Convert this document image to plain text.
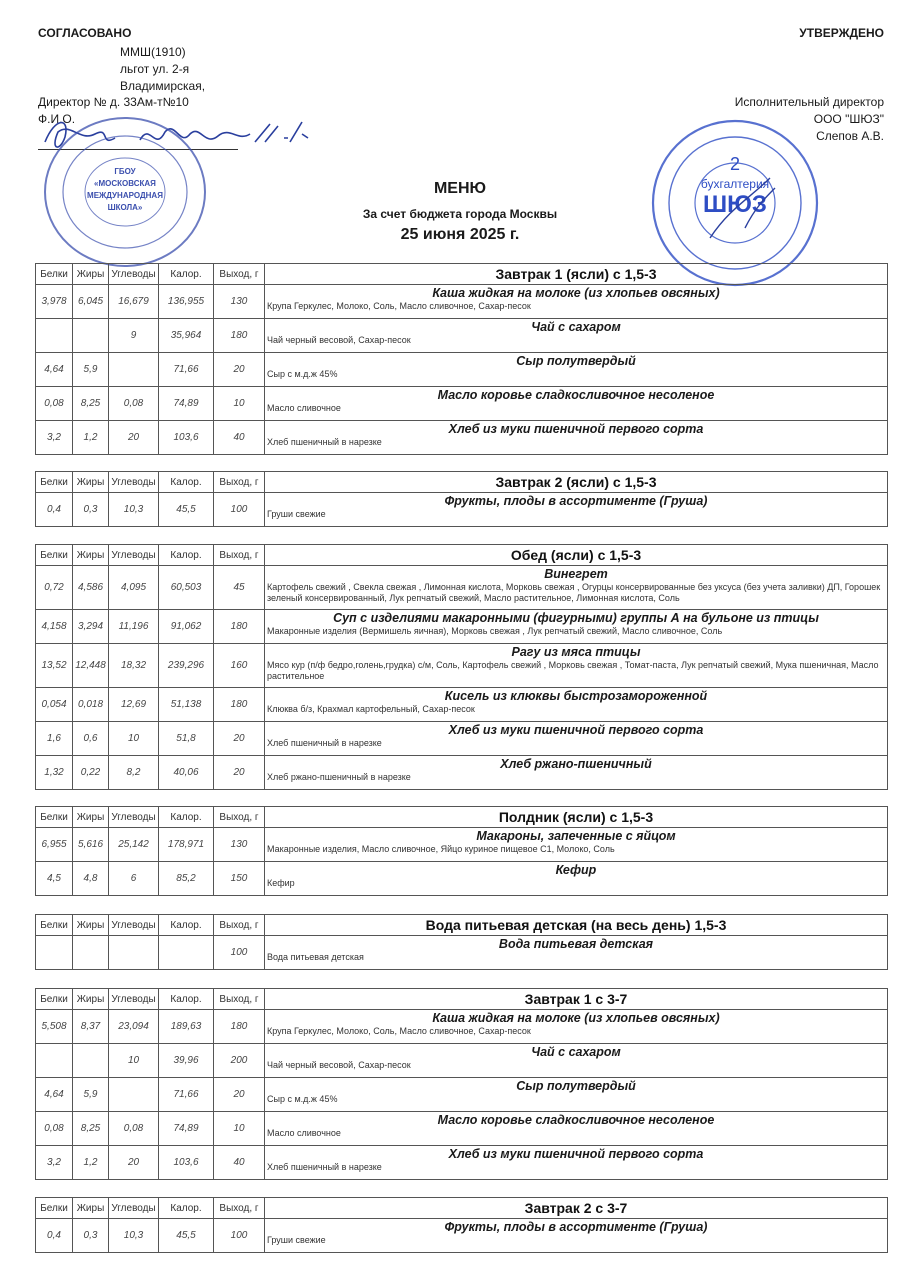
СОГЛАСОВАНО
ММШ(1910)
льгот ул. 2-я
Владимирская,
Директор № д. 33Ам-т№10
Ф.И.О.
ГБОУ
«МОСКОВСКАЯ
МЕЖДУНАРОДНАЯ
ШКОЛА»
УТВЕРЖДЕНО
Исполнительный директор
ООО "ШЮЗ"
Слепов А.В.
2
бухгалтерия
ШЮЗ
МЕНЮ
За счет бюджета города Москвы
25 июня 2025 г.
Белки	Жиры	Углеводы	Калор.	Выход, г	Завтрак 1 (ясли) с 1,5-3
3,978	6,045	16,679	136,955	130	Каша жидкая на молоке (из хлопьев овсяных)
Крупа Геркулес, Молоко, Соль, Масло сливочное, Сахар-песок

		9	35,964	180	Чай с сахаром
Чай черный весовой, Сахар-песок

4,64	5,9		71,66	20	Сыр полутвердый
Сыр с м.д.ж 45%

0,08	8,25	0,08	74,89	10	Масло коровье сладкосливочное несоленое
Масло сливочное

3,2	1,2	20	103,6	40	Хлеб из муки пшеничной первого сорта
Хлеб пшеничный в нарезке
Белки	Жиры	Углеводы	Калор.	Выход, г	Завтрак 2 (ясли) с 1,5-3
0,4	0,3	10,3	45,5	100	Фрукты, плоды в ассортименте (Груша)
Груши свежие
Белки	Жиры	Углеводы	Калор.	Выход, г	Обед (ясли) с 1,5-3
0,72	4,586	4,095	60,503	45	Винегрет
Картофель свежий , Свекла свежая , Лимонная кислота, Морковь свежая , Огурцы консервированные без уксуса (без учета заливки) ДП, Горошек зеленый консервированный, Лук репчатый свежий, Масло растительное, Лимонная кислота, Соль

4,158	3,294	11,196	91,062	180	Суп с изделиями макаронными (фигурными) группы А на бульоне из птицы
Макаронные изделия (Вермишель яичная), Морковь свежая , Лук репчатый свежий, Масло сливочное, Соль

13,52	12,448	18,32	239,296	160	Рагу из мяса птицы
Мясо кур (п/ф бедро,голень,грудка) с/м, Соль, Картофель свежий , Морковь свежая , Томат-паста, Лук репчатый свежий, Мука пшеничная, Масло растительное

0,054	0,018	12,69	51,138	180	Кисель из клюквы быстрозамороженной
Клюква б/з, Крахмал картофельный, Сахар-песок

1,6	0,6	10	51,8	20	Хлеб из муки пшеничной первого сорта
Хлеб пшеничный в нарезке

1,32	0,22	8,2	40,06	20	Хлеб ржано-пшеничный
Хлеб ржано-пшеничный в нарезке
Белки	Жиры	Углеводы	Калор.	Выход, г	Полдник (ясли) с 1,5-3
6,955	5,616	25,142	178,971	130	Макароны, запеченные с яйцом
Макаронные изделия, Масло сливочное, Яйцо куриное пищевое С1, Молоко, Соль

4,5	4,8	6	85,2	150	Кефир
Кефир
Белки	Жиры	Углеводы	Калор.	Выход, г	Вода питьевая детская (на весь день) 1,5-3
				100	Вода питьевая детская
Вода питьевая детская
Белки	Жиры	Углеводы	Калор.	Выход, г	Завтрак 1 с 3-7
5,508	8,37	23,094	189,63	180	Каша жидкая на молоке (из хлопьев овсяных)
Крупа Геркулес, Молоко, Соль, Масло сливочное, Сахар-песок

		10	39,96	200	Чай с сахаром
Чай черный весовой, Сахар-песок

4,64	5,9		71,66	20	Сыр полутвердый
Сыр с м.д.ж 45%

0,08	8,25	0,08	74,89	10	Масло коровье сладкосливочное несоленое
Масло сливочное

3,2	1,2	20	103,6	40	Хлеб из муки пшеничной первого сорта
Хлеб пшеничный в нарезке
Белки	Жиры	Углеводы	Калор.	Выход, г	Завтрак 2 с 3-7
0,4	0,3	10,3	45,5	100	Фрукты, плоды в ассортименте (Груша)
Груши свежие
